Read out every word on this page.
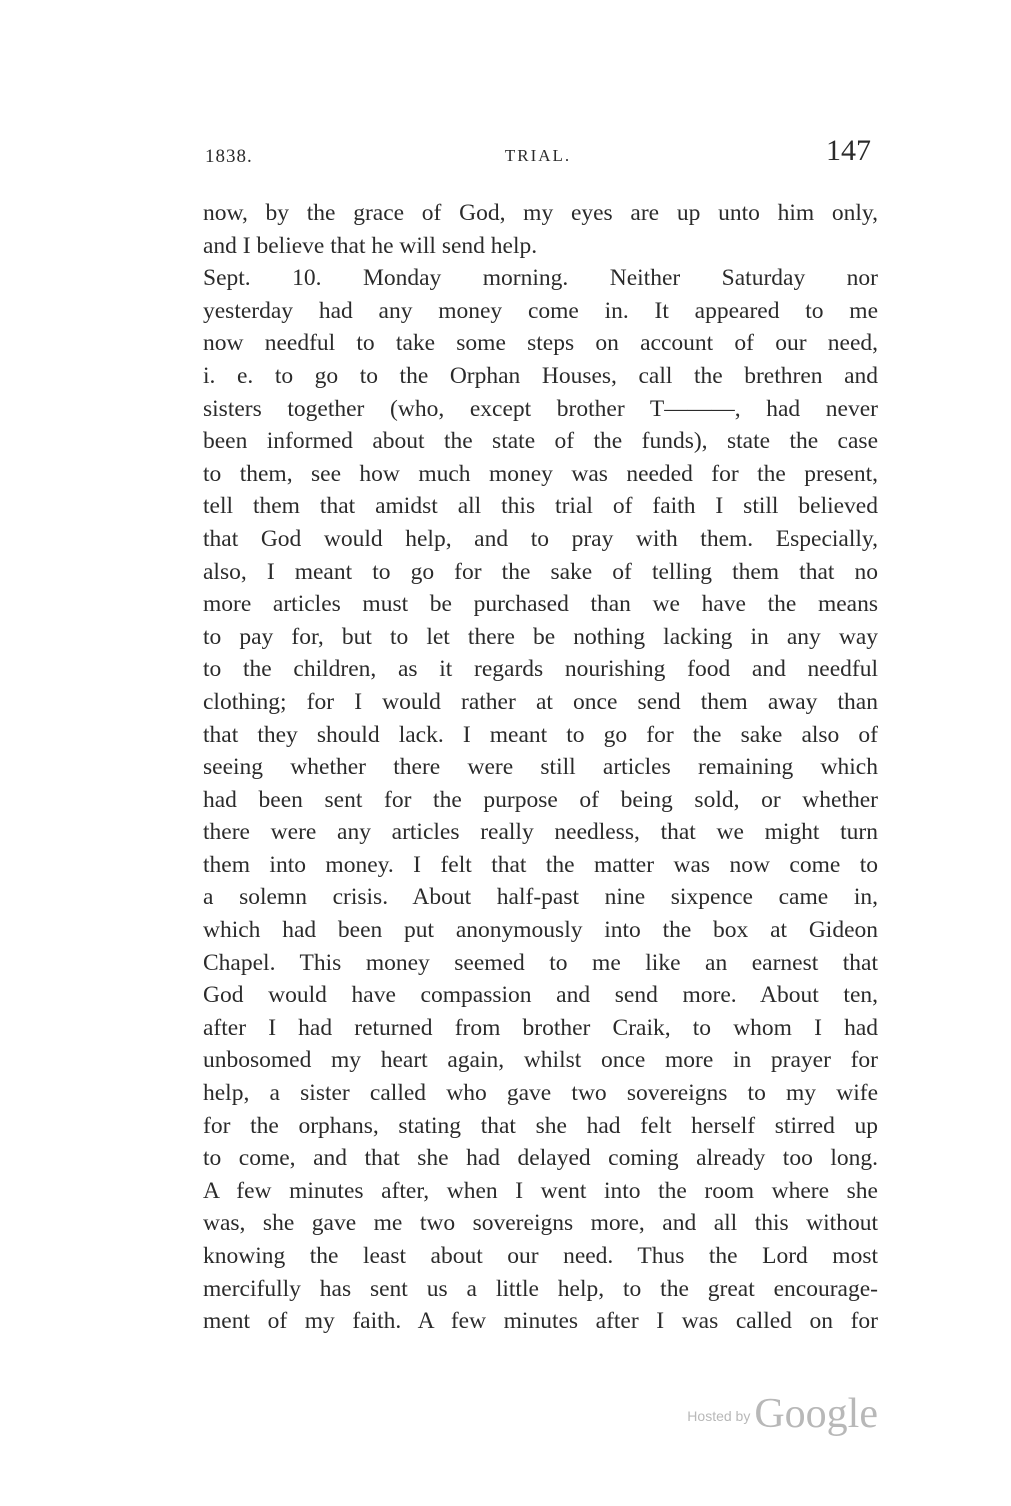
1838.	TRIAL.	147
now, by the grace of God, my eyes are up unto him only,
and I believe that he will send help.
Sept. 10. Monday morning. Neither Saturday nor
yesterday had any money come in. It appeared to me
now needful to take some steps on account of our need,
i. e. to go to the Orphan Houses, call the brethren and
sisters together (who, except brother T———, had never
been informed about the state of the funds), state the case
to them, see how much money was needed for the present,
tell them that amidst all this trial of faith I still believed
that God would help, and to pray with them. Especially,
also, I meant to go for the sake of telling them that no
more articles must be purchased than we have the means
to pay for, but to let there be nothing lacking in any way
to the children, as it regards nourishing food and needful
clothing; for I would rather at once send them away than
that they should lack. I meant to go for the sake also of
seeing whether there were still articles remaining which
had been sent for the purpose of being sold, or whether
there were any articles really needless, that we might turn
them into money. I felt that the matter was now come to
a solemn crisis. About half-past nine sixpence came in,
which had been put anonymously into the box at Gideon
Chapel. This money seemed to me like an earnest that
God would have compassion and send more. About ten,
after I had returned from brother Craik, to whom I had
unbosomed my heart again, whilst once more in prayer for
help, a sister called who gave two sovereigns to my wife
for the orphans, stating that she had felt herself stirred up
to come, and that she had delayed coming already too long.
A few minutes after, when I went into the room where she
was, she gave me two sovereigns more, and all this without
knowing the least about our need. Thus the Lord most
mercifully has sent us a little help, to the great encourage-
ment of my faith. A few minutes after I was called on for
Hosted byGoogle
